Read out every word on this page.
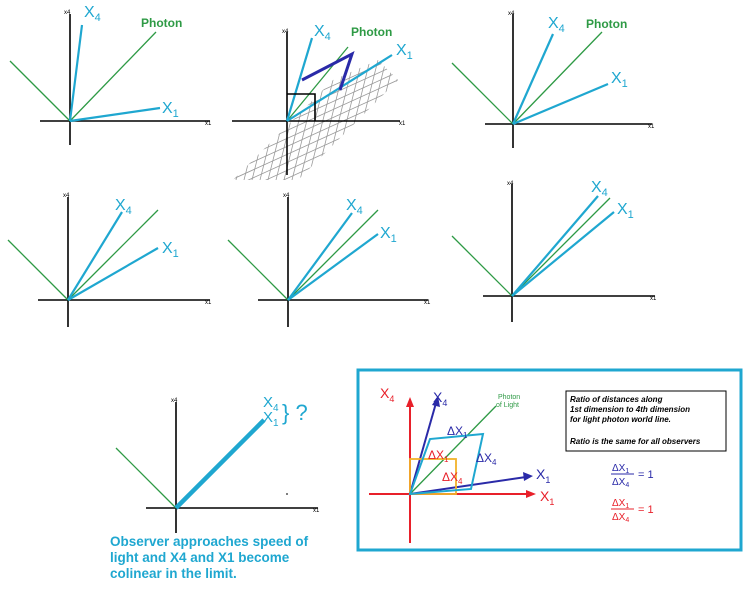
$X_4$	Photon
$X_1$
x1
x4
$X_4$ Photon
$X_1$
x1
x4	$X_4$ Photon
$X_1$
x1
x4
$X_4$
$X_1$
x1
x4
$X_4$
$X_1$
x1
x4	$X_4$
$X_1$
x1
x4
$X_4$
$X_1$ } ?
x1
x4	$X_4$	$X_4$
$X_1$
$X_1$
Photon
of Light
$\Delta X_1$
$\Delta X_1$ $\Delta X_4$
$\Delta X_4$
Ratio of distances along
1st dimension to 4th dimension
for light photon world line.
Ratio is the same for all observers
$\Delta X_1$
$\Delta X_4$
= 1
$\Delta X_1$
$\Delta X_4$
= 1
Observer approaches speed of
light and X4 and X1 become
colinear in the limit.
